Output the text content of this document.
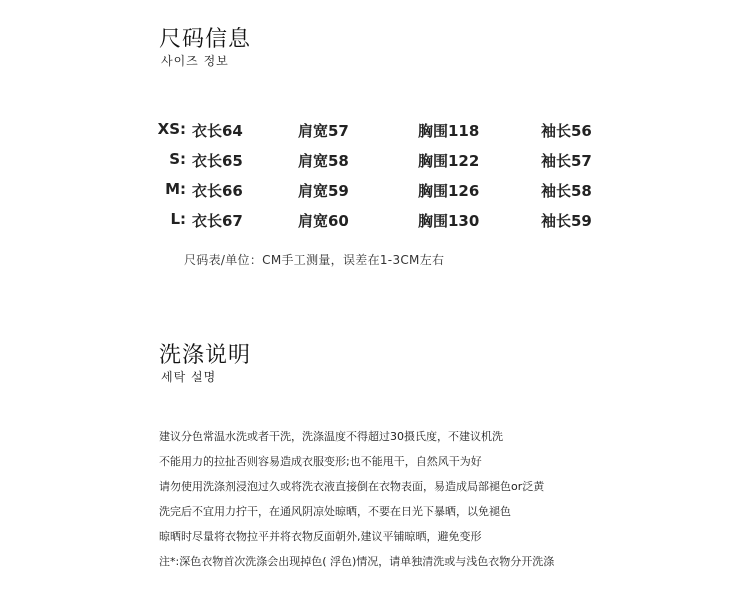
尺码信息
사이즈 정보
XS: 衣长64	肩宽57	胸围118	袖长56
S: 衣长65	肩宽58	胸围122	袖长57
M: 衣长66	肩宽59	胸围126	袖长58
L: 衣长67	肩宽60	胸围130	袖长59
尺码表/单位：CM手工测量，误差在1-3CM左右
洗涤说明
세탁 설명
建议分色常温水洗或者干洗，洗涤温度不得超过30摄氏度，不建议机洗
不能用力的拉扯否则容易造成衣服变形;也不能甩干，自然风干为好
请勿使用洗涤剂浸泡过久或将洗衣液直接倒在衣物表面，易造成局部褪色or泛黄
洗完后不宜用力拧干，在通风阴凉处晾晒，不要在日光下暴晒，以免褪色
晾晒时尽量将衣物拉平并将衣物反面朝外,建议平铺晾晒，避免变形
注*:深色衣物首次洗涤会出现掉色( 浮色)情况，请单独清洗或与浅色衣物分开洗涤
